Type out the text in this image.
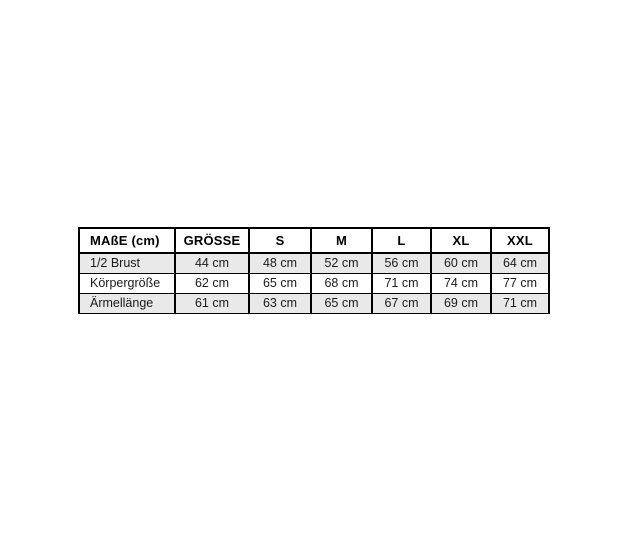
MAßE (cm)	GRÖSSE	S	M	L	XL	XXL
1/2 Brust	44 cm	48 cm	52 cm	56 cm	60 cm	64 cm
Körpergröße	62 cm	65 cm	68 cm	71 cm	74 cm	77 cm
Ärmellänge	61 cm	63 cm	65 cm	67 cm	69 cm	71 cm
